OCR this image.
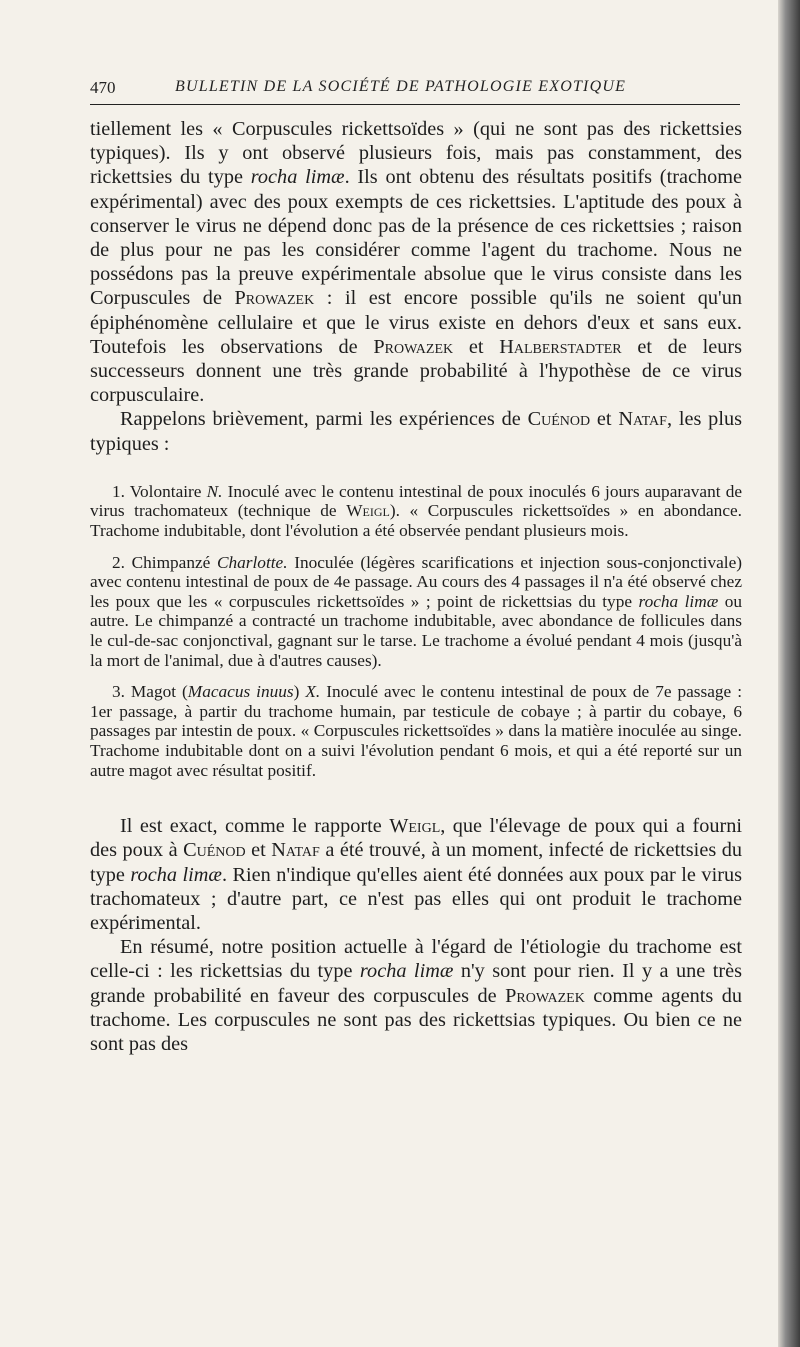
470	BULLETIN DE LA SOCIÉTÉ DE PATHOLOGIE EXOTIQUE

tiellement les « Corpuscules rickettsoïdes » (qui ne sont pas des rickettsies typiques). Ils y ont observé plusieurs fois, mais pas constamment, des rickettsies du type rocha limæ. Ils ont obtenu des résultats positifs (trachome expérimental) avec des poux exempts de ces rickettsies. L'aptitude des poux à conserver le virus ne dépend donc pas de la présence de ces rickettsies ; raison de plus pour ne pas les considérer comme l'agent du trachome. Nous ne possédons pas la preuve expérimentale absolue que le virus consiste dans les Corpuscules de Prowazek : il est encore possible qu'ils ne soient qu'un épiphénomène cellulaire et que le virus existe en dehors d'eux et sans eux. Toutefois les observations de Prowazek et Halberstadter et de leurs successeurs donnent une très grande probabilité à l'hypothèse de ce virus corpusculaire.

Rappelons brièvement, parmi les expériences de Cuénod et Nataf, les plus typiques :

1. Volontaire N. Inoculé avec le contenu intestinal de poux inoculés 6 jours auparavant de virus trachomateux (technique de Weigl). « Corpuscules rickettsoïdes » en abondance. Trachome indubitable, dont l'évolution a été observée pendant plusieurs mois.

2. Chimpanzé Charlotte. Inoculée (légères scarifications et injection sous-conjonctivale) avec contenu intestinal de poux de 4e passage. Au cours des 4 passages il n'a été observé chez les poux que les « corpuscules rickettsoïdes » ; point de rickettsias du type rocha limæ ou autre. Le chimpanzé a contracté un trachome indubitable, avec abondance de follicules dans le cul-de-sac conjonctival, gagnant sur le tarse. Le trachome a évolué pendant 4 mois (jusqu'à la mort de l'animal, due à d'autres causes).

3. Magot (Macacus inuus) X. Inoculé avec le contenu intestinal de poux de 7e passage : 1er passage, à partir du trachome humain, par testicule de cobaye ; à partir du cobaye, 6 passages par intestin de poux. « Corpuscules rickettsoïdes » dans la matière inoculée au singe. Trachome indubitable dont on a suivi l'évolution pendant 6 mois, et qui a été reporté sur un autre magot avec résultat positif.

Il est exact, comme le rapporte Weigl, que l'élevage de poux qui a fourni des poux à Cuénod et Nataf a été trouvé, à un moment, infecté de rickettsies du type rocha limæ. Rien n'indique qu'elles aient été données aux poux par le virus trachomateux ; d'autre part, ce n'est pas elles qui ont produit le trachome expérimental.

En résumé, notre position actuelle à l'égard de l'étiologie du trachome est celle-ci : les rickettsias du type rocha limæ n'y sont pour rien. Il y a une très grande probabilité en faveur des corpuscules de Prowazek comme agents du trachome. Les corpuscules ne sont pas des rickettsias typiques. Ou bien ce ne sont pas des
